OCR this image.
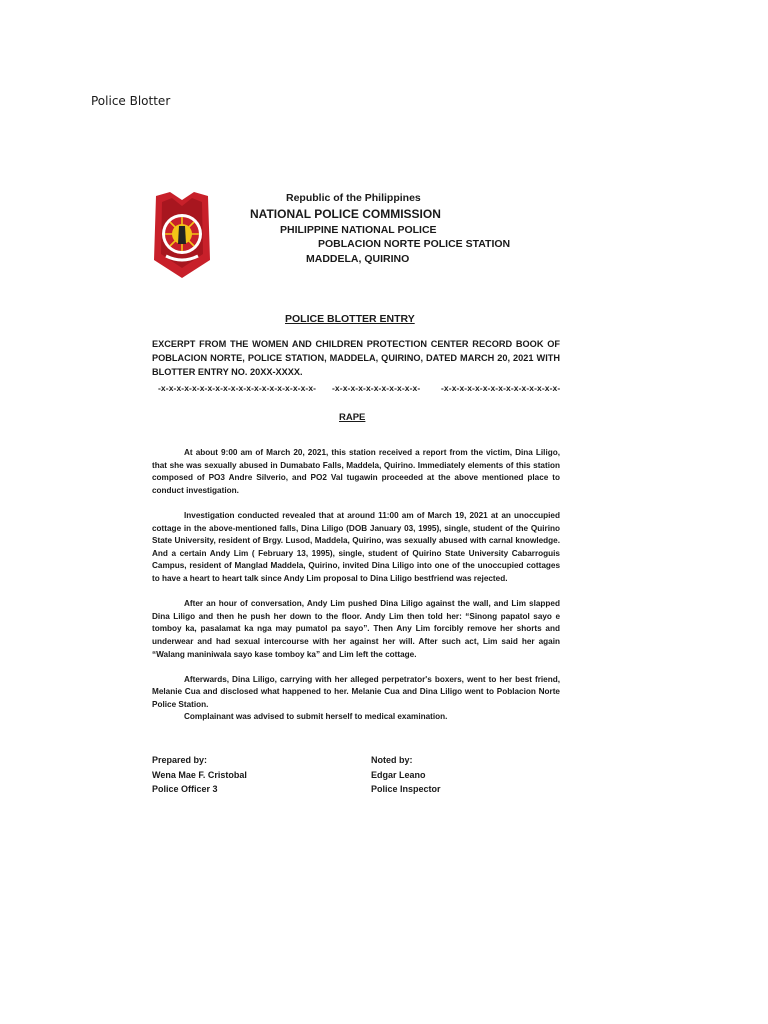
Police Blotter
Republic of the Philippines
NATIONAL POLICE COMMISSION
PHILIPPINE NATIONAL POLICE
POBLACION NORTE POLICE STATION
MADDELA, QUIRINO
POLICE BLOTTER ENTRY
EXCERPT FROM THE WOMEN AND CHILDREN PROTECTION CENTER RECORD BOOK OF POBLACION NORTE, POLICE STATION, MADDELA, QUIRINO, DATED MARCH 20, 2021 WITH BLOTTER ENTRY NO. 20XX-XXXX.
-x-x-x-x-x-x-x-x-x-x-x-x-x-x-x-x-x-x-x-x- -x-x-x-x-x-x-x-x-x-x-x- -x-x-x-x-x-x-x-x-x-x-x-x-x-x-x-
RAPE

At about 9:00 am of March 20, 2021, this station received a report from the victim, Dina Liligo, that she was sexually abused in Dumabato Falls, Maddela, Quirino. Immediately elements of this station composed of PO3 Andre Silverio, and PO2 Val tugawin proceeded at the above mentioned place to conduct investigation.

Investigation conducted revealed that at around 11:00 am of March 19, 2021 at an unoccupied cottage in the above-mentioned falls, Dina Liligo (DOB January 03, 1995), single, student of the Quirino State University, resident of Brgy. Lusod, Maddela, Quirino, was sexually abused with carnal knowledge. And a certain Andy Lim ( February 13, 1995), single, student of Quirino State University Cabarroguis Campus, resident of Manglad Maddela, Quirino, invited Dina Liligo into one of the unoccupied cottages to have a heart to heart talk since Andy Lim proposal to Dina Liligo bestfriend was rejected.

After an hour of conversation, Andy Lim pushed Dina Liligo against the wall, and Lim slapped Dina Liligo and then he push her down to the floor. Andy Lim then told her: “Sinong papatol sayo e tomboy ka, pasalamat ka nga may pumatol pa sayo”. Then Any Lim forcibly remove her shorts and underwear and had sexual intercourse with her against her will. After such act, Lim said her again “Walang maniniwala sayo kase tomboy ka” and Lim left the cottage.

Afterwards, Dina Liligo, carrying with her alleged perpetrator's boxers, went to her best friend, Melanie Cua and disclosed what happened to her. Melanie Cua and Dina Liligo went to Poblacion Norte Police Station.

Complainant was advised to submit herself to medical examination.

Prepared by:
Wena Mae F. Cristobal
Police Officer 3
Noted by:
Edgar Leano
Police Inspector
